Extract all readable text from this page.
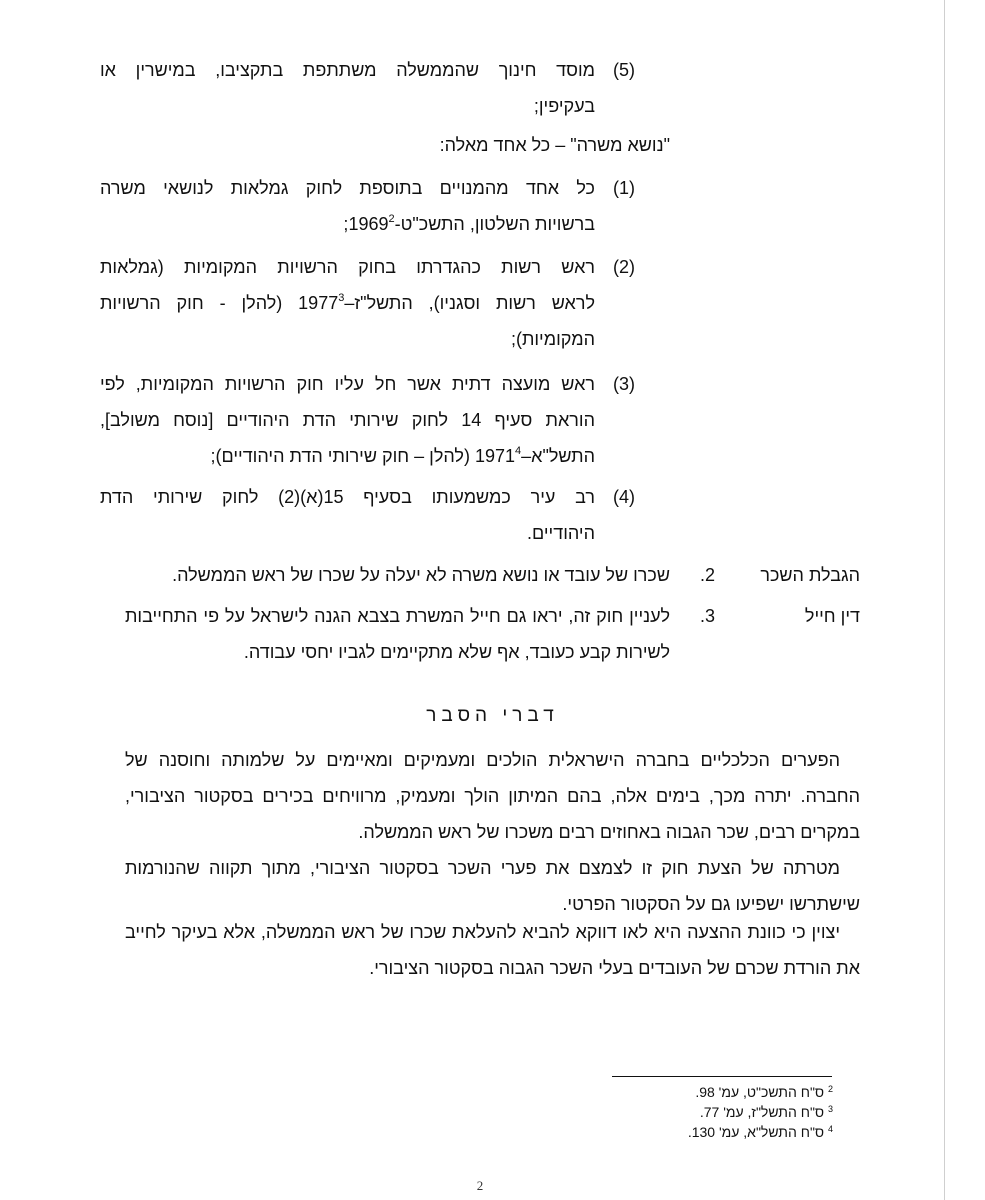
(5)
מוסד חינוך שהממשלה משתתפת בתקציבו, במישרין או
בעקיפין;
"נושא משרה" – כל אחד מאלה:
(1)
כל אחד מהמנויים בתוספת לחוק גמלאות לנושאי משרה
ברשויות השלטון, התשכ"ט-1969$^2$;
(2)
ראש רשות כהגדרתו בחוק הרשויות המקומיות (גמלאות
לראש רשות וסגניו), התשל"ז–1977$^3$ (להלן - חוק הרשויות
המקומיות);
(3)
ראש מועצה דתית אשר חל עליו חוק הרשויות המקומיות, לפי
הוראת סעיף 14 לחוק שירותי הדת היהודיים [נוסח משולב],
התשל"א–1971$^4$ (להלן – חוק שירותי הדת היהודיים);
(4)
רב עיר כמשמעותו בסעיף 15(א)(2) לחוק שירותי הדת
היהודיים.
הגבלת השכר
2.
שכרו של עובד או נושא משרה לא יעלה על שכרו של ראש הממשלה.
דין חייל
3.
לעניין חוק זה, יראו גם חייל המשרת בצבא הגנה לישראל על פי התחייבות
לשירות קבע כעובד, אף שלא מתקיימים לגביו יחסי עבודה.
דברי הסבר
הפערים הכלכליים בחברה הישראלית הולכים ומעמיקים ומאיימים על שלמותה וחוסנה של
החברה. יתרה מכך, בימים אלה, בהם המיתון הולך ומעמיק, מרוויחים בכירים בסקטור הציבורי,
במקרים רבים, שכר הגבוה באחוזים רבים משכרו של ראש הממשלה.
מטרתה של הצעת חוק זו לצמצם את פערי השכר בסקטור הציבורי, מתוך תקווה שהנורמות
שישתרשו ישפיעו גם על הסקטור הפרטי.
יצוין כי כוונת ההצעה היא לאו דווקא להביא להעלאת שכרו של ראש הממשלה, אלא בעיקר לחייב
את הורדת שכרם של העובדים בעלי השכר הגבוה בסקטור הציבורי.
$^2$ ס"ח התשכ"ט, עמ' 98.
$^3$ ס"ח התשל"ז, עמ' 77.
$^4$ ס"ח התשל"א, עמ' 130.
2
